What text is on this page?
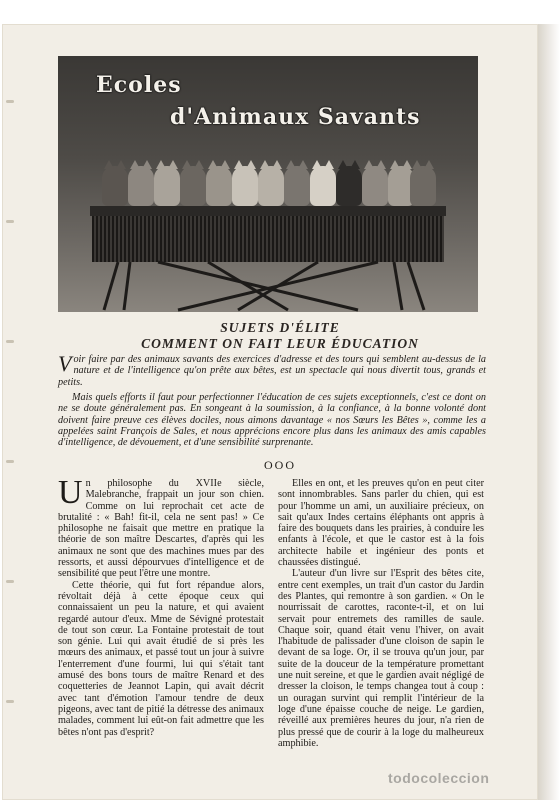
Ecoles
d'Animaux Savants
SUJETS D'ÉLITE
COMMENT ON FAIT LEUR ÉDUCATION

Voir faire par des animaux savants des exercices d'adresse et des tours qui semblent au-dessus de la nature et de l'intelligence qu'on prête aux bêtes, est un spectacle qui nous divertit tous, grands et petits.

Mais quels efforts il faut pour perfectionner l'éducation de ces sujets exceptionnels, c'est ce dont on ne se doute généralement pas. En songeant à la soumission, à la confiance, à la bonne volonté dont doivent faire preuve ces élèves dociles, nous aimons davantage « nos Sœurs les Bêtes », comme les a appelées saint François de Sales, et nous apprécions encore plus dans les animaux des amis capables d'intelligence, de dévouement, et d'une sensibilité surprenante.

OOO

Un philosophe du XVIIe siècle, Malebranche, frappait un jour son chien. Comme on lui reprochait cet acte de brutalité : « Bah! fit-il, cela ne sent pas! » Ce philosophe ne faisait que mettre en pratique la théorie de son maître Descartes, d'après qui les animaux ne sont que des machines mues par des ressorts, et aussi dépourvues d'intelligence et de sensibilité que peut l'être une montre.

Cette théorie, qui fut fort répandue alors, révoltait déjà à cette époque ceux qui connaissaient un peu la nature, et qui avaient regardé autour d'eux. Mme de Sévigné protestait de tout son cœur. La Fontaine protestait de tout son génie. Lui qui avait étudié de si près les mœurs des animaux, et passé tout un jour à suivre l'enterrement d'une fourmi, lui qui s'était tant amusé des bons tours de maître Renard et des coquetteries de Jeannot Lapin, qui avait décrit avec tant d'émotion l'amour tendre de deux pigeons, avec tant de pitié la détresse des animaux malades, comment lui eût-on fait admettre que les bêtes n'ont pas d'esprit?

Elles en ont, et les preuves qu'on en peut citer sont innombrables. Sans parler du chien, qui est pour l'homme un ami, un auxiliaire précieux, on sait qu'aux Indes certains éléphants ont appris à faire des bouquets dans les prairies, à conduire les enfants à l'école, et que le castor est à la fois architecte habile et ingénieur des ponts et chaussées distingué.

L'auteur d'un livre sur l'Esprit des bêtes cite, entre cent exemples, un trait d'un castor du Jardin des Plantes, qui remontre à son gardien. « On le nourrissait de carottes, raconte-t-il, et on lui servait pour entremets des ramilles de saule. Chaque soir, quand était venu l'hiver, on avait l'habitude de palissader d'une cloison de sapin le devant de sa loge. Or, il se trouva qu'un jour, par suite de la douceur de la température promettant une nuit sereine, et que le gardien avait négligé de dresser la cloison, le temps changea tout à coup : un ouragan survint qui remplit l'intérieur de la loge d'une épaisse couche de neige. Le gardien, réveillé aux premières heures du jour, n'a rien de plus pressé que de courir à la loge du malheureux amphibie.

todocoleccion
